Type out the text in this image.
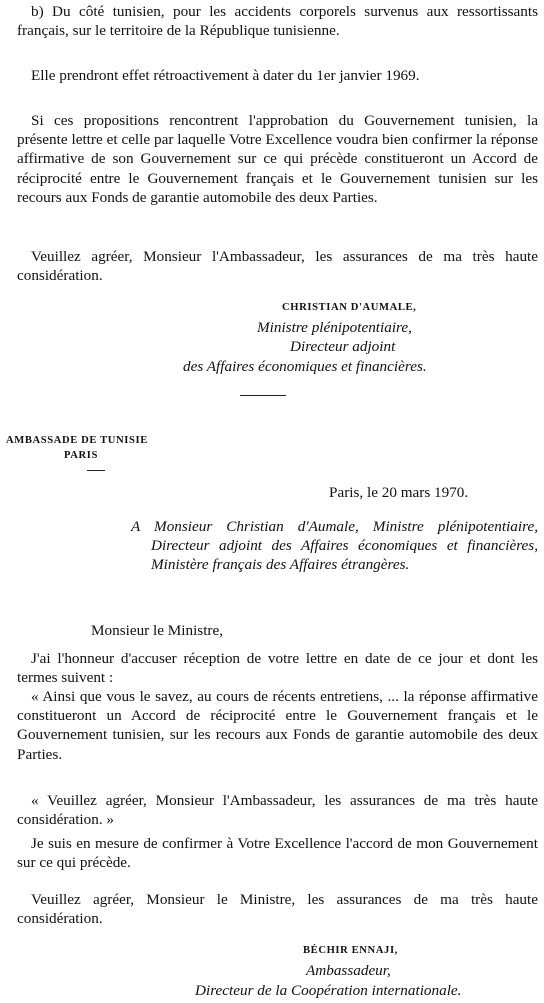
b) Du côté tunisien, pour les accidents corporels survenus aux ressortissants français, sur le territoire de la République tunisienne.

Elle prendront effet rétroactivement à dater du 1er janvier 1969.

Si ces propositions rencontrent l'approbation du Gouvernement tunisien, la présente lettre et celle par laquelle Votre Excellence voudra bien confirmer la réponse affirmative de son Gouvernement sur ce qui précède constitueront un Accord de réciprocité entre le Gouvernement français et le Gouvernement tunisien sur les recours aux Fonds de garantie automobile des deux Parties.

Veuillez agréer, Monsieur l'Ambassadeur, les assurances de ma très haute considération.

CHRISTIAN D'AUMALE,

Ministre plénipotentiaire,

Directeur adjoint

des Affaires économiques et financières.

AMBASSADE DE TUNISIE

PARIS

Paris, le 20 mars 1970.

A Monsieur Christian d'Aumale, Ministre plénipotentiaire, Directeur adjoint des Affaires économiques et financières, Ministère français des Affaires étrangères.

Monsieur le Ministre,

J'ai l'honneur d'accuser réception de votre lettre en date de ce jour et dont les termes suivent :

« Ainsi que vous le savez, au cours de récents entretiens, ... la réponse affirmative constitueront un Accord de réciprocité entre le Gouvernement français et le Gouvernement tunisien, sur les recours aux Fonds de garantie automobile des deux Parties.

« Veuillez agréer, Monsieur l'Ambassadeur, les assurances de ma très haute considération. »

Je suis en mesure de confirmer à Votre Excellence l'accord de mon Gouvernement sur ce qui précède.

Veuillez agréer, Monsieur le Ministre, les assurances de ma très haute considération.

BÉCHIR ENNAJI,

Ambassadeur,

Directeur de la Coopération internationale.
